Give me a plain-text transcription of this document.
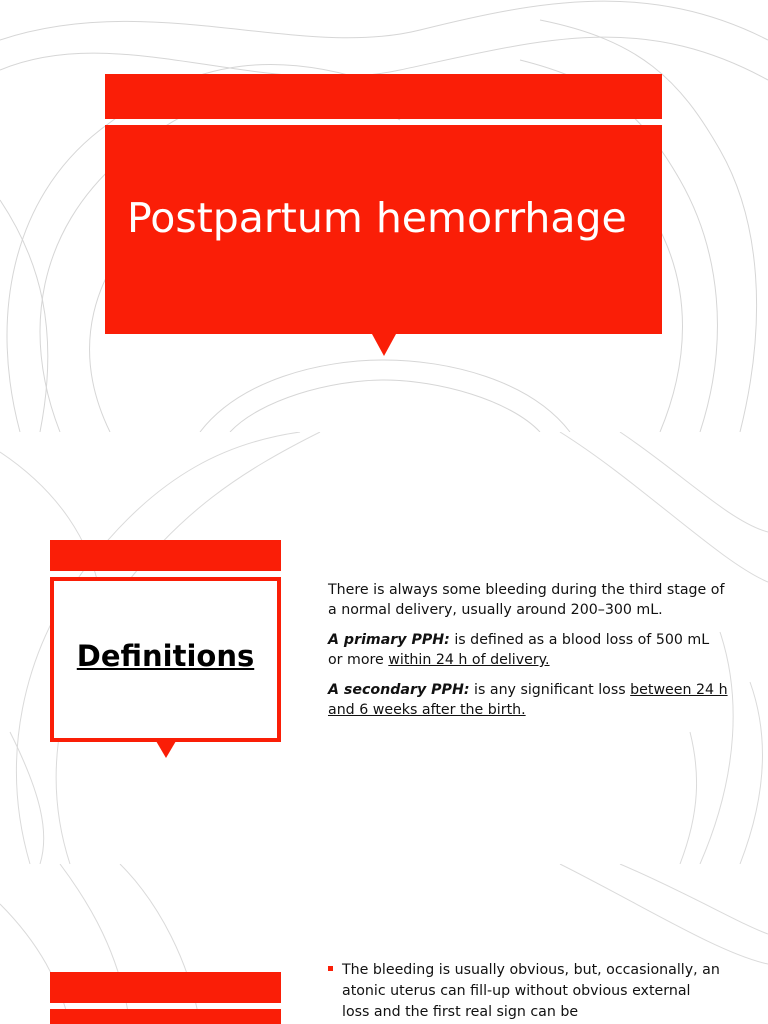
Postpartum hemorrhage
Definitions

There is always some bleeding during the third stage of a normal delivery, usually around 200–300 mL.

A primary PPH: is defined as a blood loss of 500 mL or more within 24 h of delivery.

A secondary PPH: is any significant loss between 24 h and 6 weeks after the birth.

The bleeding is usually obvious, but, occasionally, an atonic uterus can fill-up without obvious external loss and the first real sign can be
